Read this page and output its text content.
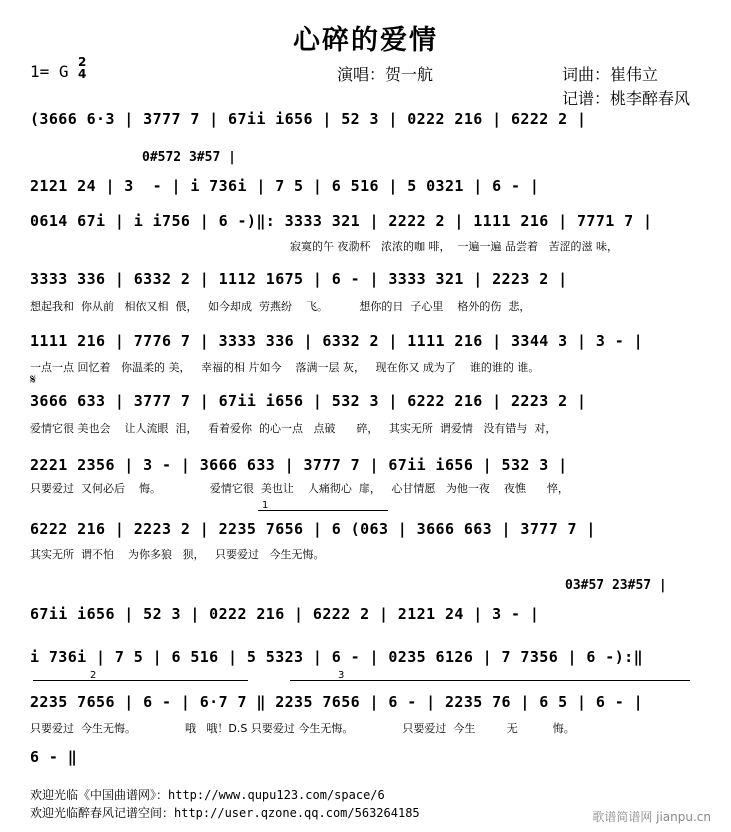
心碎的爱情
1= G 2
4	演唱：贺一航	词曲：崔伟立
记谱：桃李醉春风
(3666 6·3 | 3777 7 | 67ii i656 | 52 3 | 0222 216 | 6222 2 |
0#572 3#57 |
2121 24 | 3  - | i 736i | 7 5 | 6 516 | 5 0321 | 6 - |
0614 67i | i i756 | 6 -)‖: 3333 321 | 2222 2 | 1111 216 | 7771 7 |
寂寞的午 夜泐杯   浓浓的咖 啡，  一遍一遍 品尝着   苦涩的滋 味，
3333 336 | 6332 2 | 1112 1675 | 6 - | 3333 321 | 2223 2 |
想起我和  你从前   相依又相  偎，   如今却成  劳燕纷    飞。         想你的日  子心里    格外的伤  悲，
1111 216 | 7776 7 | 3333 336 | 6332 2 | 1111 216 | 3344 3 | 3 - |
一点一点 回忆着   你温柔的 美，   幸福的相 片如今    落满一层 灰，   现在你又 成为了    谁的谁的 谁。
𝄋
3666 633 | 3777 7 | 67ii i656 | 532 3 | 6222 216 | 2223 2 |
爱情它很 美也会    让人流眼  泪，   看着爱你  的心一点   点破      碎，   其实无所  谓爱情   没有错与  对，
2221 2356 | 3 - | 3666 633 | 3777 7 | 67ii i656 | 532 3 |
只要爱过  又何必后    悔。              爱情它很  美也让    人痛彻心  扉，   心甘情愿   为他一夜    夜憔      悴，
1
6222 216 | 2223 2 | 2235 7656 | 6 (063 | 3666 663 | 3777 7 |
其实无所  谓不怕    为你多狼   狈，   只要爱过   今生无悔。
03#57 23#57 |
67ii i656 | 52 3 | 0222 216 | 6222 2 | 2121 24 | 3 - |
i 736i | 7 5 | 6 516 | 5 5323 | 6 - | 0235 6126 | 7 7356 | 6 -):‖
2	3
2235 7656 | 6 - | 6·7 7 ‖ 2235 7656 | 6 - | 2235 76 | 6 5 | 6 - |
只要爱过  今生无悔。              哦   哦！D.S 只要爱过 今生无悔。              只要爱过  今生         无          悔。
6 - ‖
欢迎光临《中国曲谱网》：http://www.qupu123.com/space/6
欢迎光临醉春风记谱空间：http://user.qzone.qq.com/563264185	歌谱简谱网 jianpu.cn
